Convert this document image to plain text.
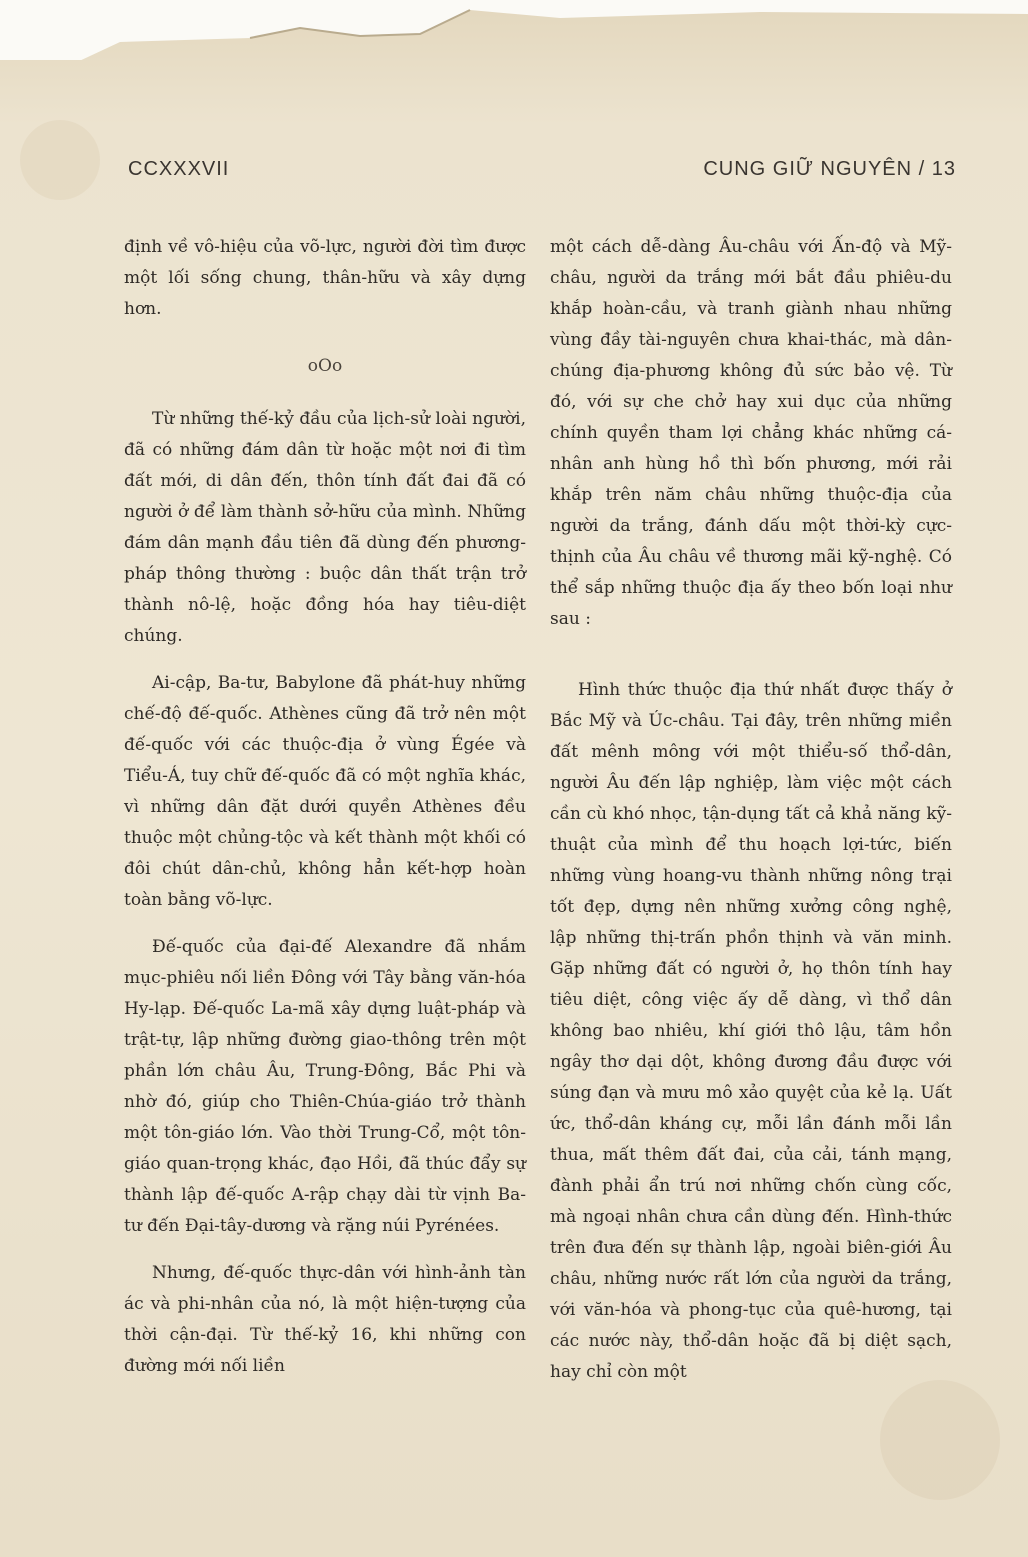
CCXXXVII	CUNG GIỮ NGUYÊN / 13

định về vô-hiệu của võ-lực, người đời tìm được một lối sống chung, thân-hữu và xây dựng hơn.

oOo

Từ những thế-kỷ đầu của lịch-sử loài người, đã có những đám dân từ hoặc một nơi đi tìm đất mới, di dân đến, thôn tính đất đai đã có người ở để làm thành sở-hữu của mình. Những đám dân mạnh đầu tiên đã dùng đến phương-pháp thông thường : buộc dân thất trận trở thành nô-lệ, hoặc đồng hóa hay tiêu-diệt chúng.

Ai-cập, Ba-tư, Babylone đã phát-huy những chế-độ đế-quốc. Athènes cũng đã trở nên một đế-quốc với các thuộc-địa ở vùng Égée và Tiểu-Á, tuy chữ đế-quốc đã có một nghĩa khác, vì những dân đặt dưới quyền Athènes đều thuộc một chủng-tộc và kết thành một khối có đôi chút dân-chủ, không hẳn kết-hợp hoàn toàn bằng võ-lực.

Đế-quốc của đại-đế Alexandre đã nhắm mục-phiêu nối liền Đông với Tây bằng văn-hóa Hy-lạp. Đế-quốc La-mã xây dựng luật-pháp và trật-tự, lập những đường giao-thông trên một phần lớn châu Âu, Trung-Đông, Bắc Phi và nhờ đó, giúp cho Thiên-Chúa-giáo trở thành một tôn-giáo lớn. Vào thời Trung-Cổ, một tôn-giáo quan-trọng khác, đạo Hồi, đã thúc đẩy sự thành lập đế-quốc A-rập chạy dài từ vịnh Ba-tư đến Đại-tây-dương và rặng núi Pyrénées.

Nhưng, đế-quốc thực-dân với hình-ảnh tàn ác và phi-nhân của nó, là một hiện-tượng của thời cận-đại. Từ thế-kỷ 16, khi những con đường mới nối liền

một cách dễ-dàng Âu-châu với Ấn-độ và Mỹ-châu, người da trắng mới bắt đầu phiêu-du khắp hoàn-cầu, và tranh giành nhau những vùng đầy tài-nguyên chưa khai-thác, mà dân-chúng địa-phương không đủ sức bảo vệ. Từ đó, với sự che chở hay xui dục của những chính quyền tham lợi chẳng khác những cá-nhân anh hùng hồ thì bốn phương, mới rải khắp trên năm châu những thuộc-địa của người da trắng, đánh dấu một thời-kỳ cực-thịnh của Âu châu về thương mãi kỹ-nghệ. Có thể sắp những thuộc địa ấy theo bốn loại như sau :

Hình thức thuộc địa thứ nhất được thấy ở Bắc Mỹ và Úc-châu. Tại đây, trên những miền đất mênh mông với một thiểu-số thổ-dân, người Âu đến lập nghiệp, làm việc một cách cần cù khó nhọc, tận-dụng tất cả khả năng kỹ-thuật của mình để thu hoạch lợi-tức, biến những vùng hoang-vu thành những nông trại tốt đẹp, dựng nên những xưởng công nghệ, lập những thị-trấn phồn thịnh và văn minh. Gặp những đất có người ở, họ thôn tính hay tiêu diệt, công việc ấy dễ dàng, vì thổ dân không bao nhiêu, khí giới thô lậu, tâm hồn ngây thơ dại dột, không đương đầu được với súng đạn và mưu mô xảo quyệt của kẻ lạ. Uất ức, thổ-dân kháng cự, mỗi lần đánh mỗi lần thua, mất thêm đất đai, của cải, tánh mạng, đành phải ẩn trú nơi những chốn cùng cốc, mà ngoại nhân chưa cần dùng đến. Hình-thức trên đưa đến sự thành lập, ngoài biên-giới Âu châu, những nước rất lớn của người da trắng, với văn-hóa và phong-tục của quê-hương, tại các nước này, thổ-dân hoặc đã bị diệt sạch, hay chỉ còn một
